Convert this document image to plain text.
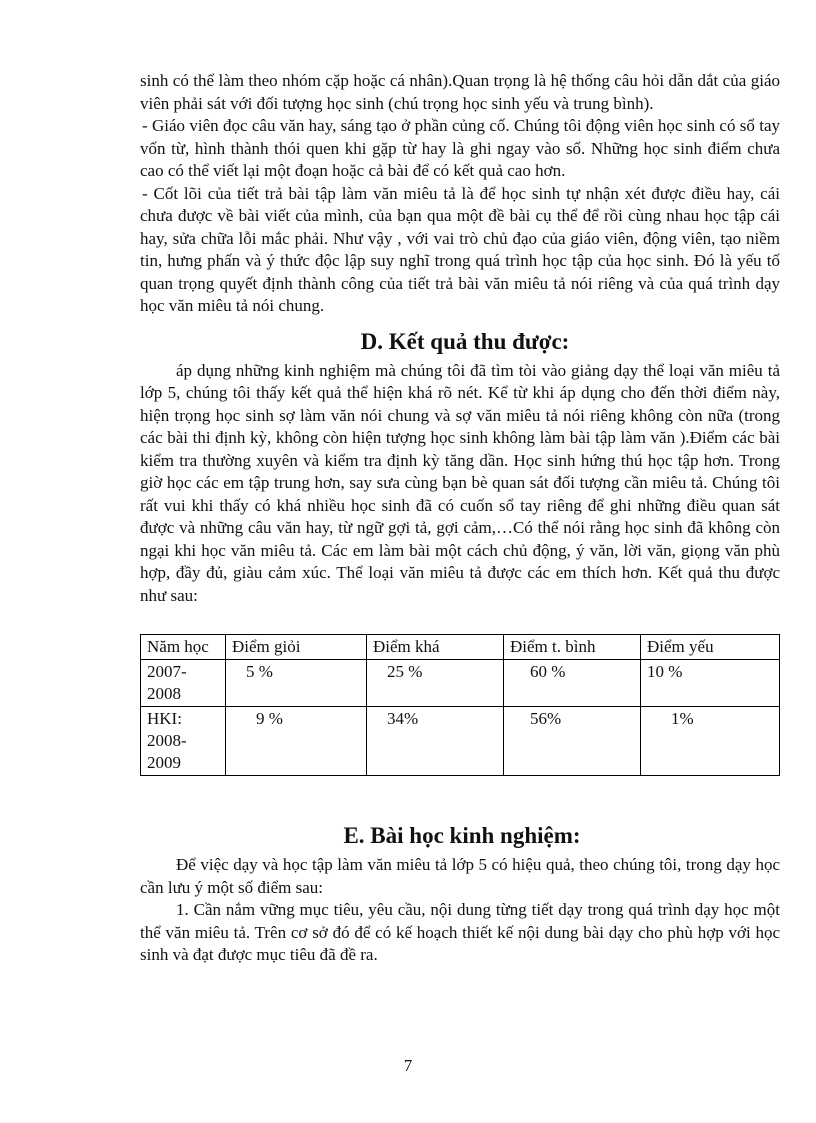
sinh có thể làm theo nhóm cặp hoặc cá nhân).Quan trọng là hệ thống câu hỏi dẫn dắt của giáo viên phải sát với đối tượng học sinh (chú trọng học sinh yếu và trung bình).

- Giáo viên đọc câu văn hay, sáng tạo ở phần củng cố. Chúng tôi động viên học sinh có sổ tay vốn từ, hình thành thói quen khi gặp từ hay là ghi ngay vào sổ. Những học sinh điểm chưa cao có thể viết lại một đoạn hoặc cả bài để có kết quả cao hơn.

- Cốt lõi của tiết trả bài tập làm văn miêu tả là để học sinh tự nhận xét được điều hay, cái chưa được về bài viết của mình, của bạn qua một đề bài cụ thể để rồi cùng nhau học tập cái hay, sửa chữa lỗi mắc phải. Như vậy , với vai trò chủ đạo của giáo viên, động viên, tạo niềm tin, hưng phấn và ý thức độc lập suy nghĩ trong quá trình học tập của học sinh. Đó là yếu tố quan trọng quyết định thành công của tiết trả bài văn miêu tả nói riêng và của quá trình dạy học văn miêu tả nói chung.

D. Kết quả thu được:

áp dụng những kinh nghiệm mà chúng tôi đã tìm tòi vào giảng dạy thể loại văn miêu tả lớp 5, chúng tôi thấy kết quả thể hiện khá rõ nét. Kể từ khi áp dụng cho đến thời điểm này, hiện trọng học sinh sợ làm văn nói chung và sợ văn miêu tả nói riêng không còn nữa (trong các bài thi định kỳ, không còn hiện tượng học sinh không làm bài tập làm văn ).Điểm các bài kiểm tra thường xuyên và kiểm tra định kỳ tăng dần. Học sinh hứng thú học tập hơn. Trong giờ học các em tập trung hơn, say sưa cùng bạn bè quan sát đối tượng cần miêu tả. Chúng tôi rất vui khi thấy có khá nhiều học sinh đã có cuốn sổ tay riêng để ghi những điều quan sát được và những câu văn hay, từ ngữ gợi tả, gợi cảm,…Có thể nói rằng học sinh đã không còn ngại khi học văn miêu tả. Các em làm bài một cách chủ động, ý văn, lời văn, giọng văn phù hợp, đầy đủ, giàu cảm xúc. Thể loại văn miêu tả được các em thích hơn. Kết quả thu được như sau:

Năm học	Điểm giỏi	Điểm khá	Điểm t. bình	Điểm yếu
2007-2008	5 %	25 %	60 %	10 %
HKI: 2008-2009	9 %	34%	56%	1%
E. Bài học kinh nghiệm:

Để việc dạy và học tập làm văn miêu tả lớp 5 có hiệu quả, theo chúng tôi, trong dạy học cần lưu ý một số điểm sau:

1. Cần nắm vững mục tiêu, yêu cầu, nội dung từng tiết dạy trong quá trình dạy học một thể văn miêu tả. Trên cơ sở đó để có kế hoạch thiết kế nội dung bài dạy cho phù hợp với học sinh và đạt được mục tiêu đã đề ra.

7
